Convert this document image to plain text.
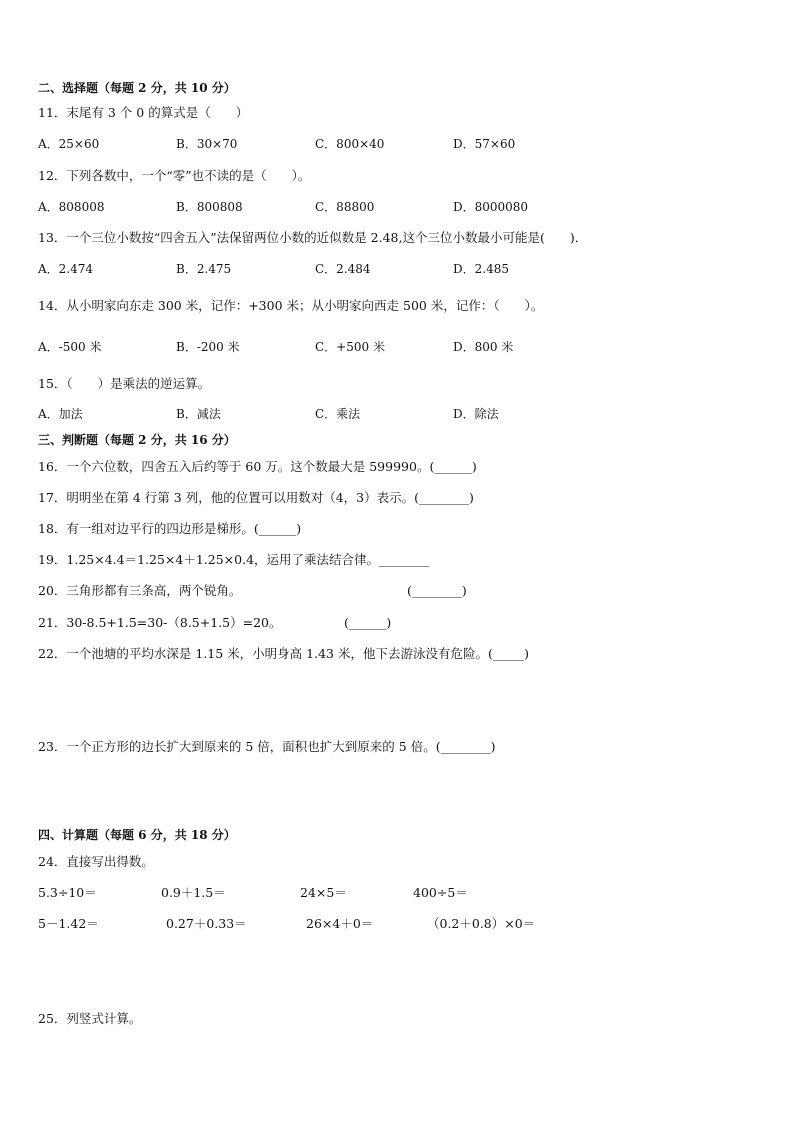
二、选择题（每题 2 分，共 10 分）
11．末尾有 3 个 0 的算式是（　　）
A．25×60	B．30×70	C．800×40	D．57×60
12．下列各数中，一个“零”也不读的是（　　）。
A．808008	B．800808	C．88800	D．8000080
13．一个三位小数按“四舍五入”法保留两位小数的近似数是 2.48,这个三位小数最小可能是(　　)．
A．2.474	B．2.475	C．2.484	D．2.485
14．从小明家向东走 300 米，记作：+300 米；从小明家向西走 500 米，记作：（　　）。
A．-500 米	B．-200 米	C．+500 米	D．800 米
15．（　　）是乘法的逆运算。
A．加法	B．减法	C．乘法	D．除法
三、判断题（每题 2 分，共 16 分）
16．一个六位数，四舍五入后约等于 60 万。这个数最大是 599990。(______)
17．明明坐在第 4 行第 3 列，他的位置可以用数对（4，3）表示。(________)
18．有一组对边平行的四边形是梯形。(______)
19．1.25×4.4＝1.25×4＋1.25×0.4，运用了乘法结合律。________
20．三角形都有三条高，两个锐角。	(________)
21．30-8.5+1.5=30-（8.5+1.5）=20。	(______)
22．一个池塘的平均水深是 1.15 米，小明身高 1.43 米，他下去游泳没有危险。(_____)
23．一个正方形的边长扩大到原来的 5 倍，面积也扩大到原来的 5 倍。(________)
四、计算题（每题 6 分，共 18 分）
24．直接写出得数。
5.3÷10＝	0.9＋1.5＝	24×5＝	400÷5＝
5－1.42＝	0.27＋0.33＝	26×4＋0＝	（0.2＋0.8）×0＝
25．列竖式计算。
